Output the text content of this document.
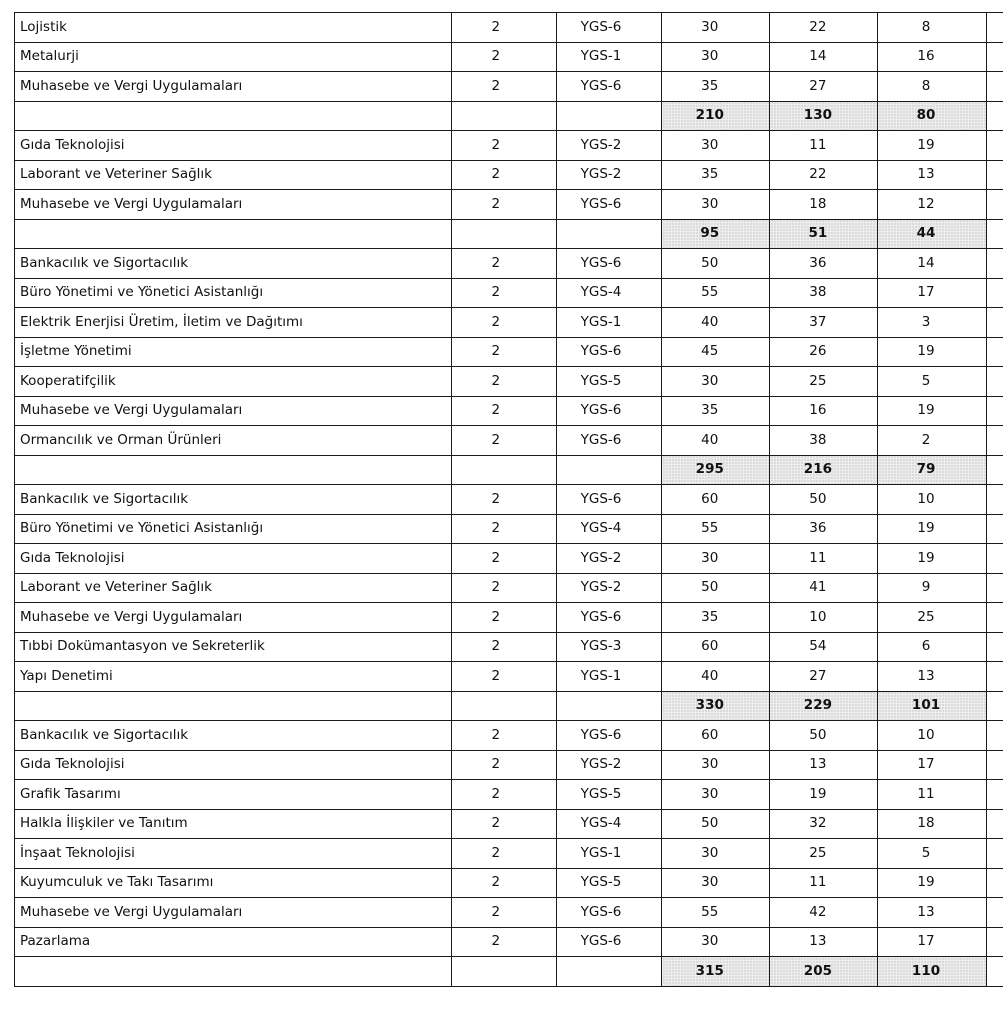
Lojistik	2	YGS-6	30	22	8	
Metalurji	2	YGS-1	30	14	16	
Muhasebe ve Vergi Uygulamaları	2	YGS-6	35	27	8	
			210	130	80	
Gıda Teknolojisi	2	YGS-2	30	11	19	
Laborant ve Veteriner Sağlık	2	YGS-2	35	22	13	
Muhasebe ve Vergi Uygulamaları	2	YGS-6	30	18	12	
			95	51	44	
Bankacılık ve Sigortacılık	2	YGS-6	50	36	14	
Büro Yönetimi ve Yönetici Asistanlığı	2	YGS-4	55	38	17	
Elektrik Enerjisi Üretim, İletim ve Dağıtımı	2	YGS-1	40	37	3	
İşletme Yönetimi	2	YGS-6	45	26	19	
Kooperatifçilik	2	YGS-5	30	25	5	
Muhasebe ve Vergi Uygulamaları	2	YGS-6	35	16	19	
Ormancılık ve Orman Ürünleri	2	YGS-6	40	38	2	
			295	216	79	
Bankacılık ve Sigortacılık	2	YGS-6	60	50	10	
Büro Yönetimi ve Yönetici Asistanlığı	2	YGS-4	55	36	19	
Gıda Teknolojisi	2	YGS-2	30	11	19	
Laborant ve Veteriner Sağlık	2	YGS-2	50	41	9	
Muhasebe ve Vergi Uygulamaları	2	YGS-6	35	10	25	
Tıbbi Dokümantasyon ve Sekreterlik	2	YGS-3	60	54	6	
Yapı Denetimi	2	YGS-1	40	27	13	
			330	229	101	
Bankacılık ve Sigortacılık	2	YGS-6	60	50	10	
Gıda Teknolojisi	2	YGS-2	30	13	17	
Grafik Tasarımı	2	YGS-5	30	19	11	
Halkla İlişkiler ve Tanıtım	2	YGS-4	50	32	18	
İnşaat Teknolojisi	2	YGS-1	30	25	5	
Kuyumculuk ve Takı Tasarımı	2	YGS-5	30	11	19	
Muhasebe ve Vergi Uygulamaları	2	YGS-6	55	42	13	
Pazarlama	2	YGS-6	30	13	17	
			315	205	110	
